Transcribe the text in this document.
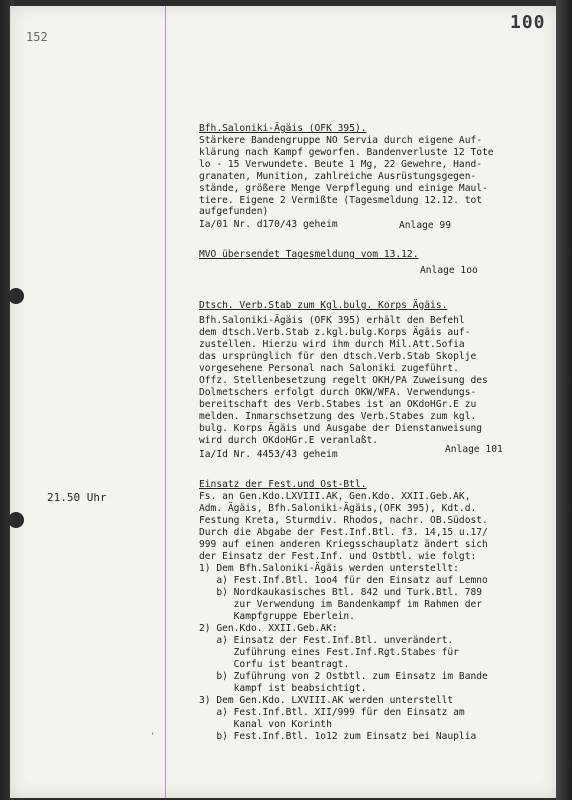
152
100
21.50 Uhr
'
Bfh.Saloniki-Ägäis (OFK 395).
Stärkere Bandengruppe NO Servia durch eigene Auf-
klärung nach Kampf geworfen. Bandenverluste 12 Tote
lo - 15 Verwundete. Beute 1 Mg, 22 Gewehre, Hand-
granaten, Munition, zahlreiche Ausrüstungsgegen-
stände, größere Menge Verpflegung und einige Maul-
tiere. Eigene 2 Vermißte (Tagesmeldung 12.12. tot
aufgefunden)
Ia/01 Nr. d170/43 geheim	Anlage 99
MVO übersendet Tagesmeldung vom 13.12.
Anlage 1oo
Dtsch. Verb.Stab zum Kgl.bulg. Korps Ägäis.
Bfh.Saloniki-Ägäis (OFK 395) erhält den Befehl
dem dtsch.Verb.Stab z.kgl.bulg.Korps Ägäis auf-
zustellen. Hierzu wird ihm durch Mil.Att.Sofia
das ursprünglich für den dtsch.Verb.Stab Skoplje
vorgesehene Personal nach Saloniki zugeführt.
Offz. Stellenbesetzung regelt OKH/PA Zuweisung des
Dolmetschers erfolgt durch OKW/WFA. Verwendungs-
bereitschaft des Verb.Stabes ist an OKdoHGr.E zu
melden. Inmarschsetzung des Verb.Stabes zum kgl.
bulg. Korps Ägäis und Ausgabe der Dienstanweisung
wird durch OKdoHGr.E veranlaßt.
Ia/Id Nr. 4453/43 geheim	Anlage 101
Einsatz der Fest.und Ost-Btl.
Fs. an Gen.Kdo.LXVIII.AK, Gen.Kdo. XXII.Geb.AK,
Adm. Ägäis, Bfh.Saloniki-Ägäis,(OFK 395), Kdt.d.
Festung Kreta, Sturmdiv. Rhodos, nachr. OB.Südost.
Durch die Abgabe der Fest.Inf.Btl. f3. 14,15 u.17/
999 auf einen anderen Kriegsschauplatz ändert sich
der Einsatz der Fest.Inf. und Ostbtl. wie folgt:
1) Dem Bfh.Saloniki-Ägäis werden unterstellt:
a) Fest.Inf.Btl. 1oo4 für den Einsatz auf Lemno
b) Nordkaukasisches Btl. 842 und Turk.Btl. 789
zur Verwendung im Bandenkampf im Rahmen der
Kampfgruppe Eberlein.
2) Gen.Kdo. XXII.Geb.AK:
a) Einsatz der Fest.Inf.Btl. unverändert.
Zuführung eines Fest.Inf.Rgt.Stabes für
Corfu ist beantragt.
b) Zuführung von 2 Ostbtl. zum Einsatz im Bande
kampf ist beabsichtigt.
3) Dem Gen.Kdo. LXVIII.AK werden unterstellt
a) Fest.Inf.Btl. XII/999 für den Einsatz am
Kanal von Korinth
b) Fest.Inf.Btl. 1o12 zum Einsatz bei Nauplia
